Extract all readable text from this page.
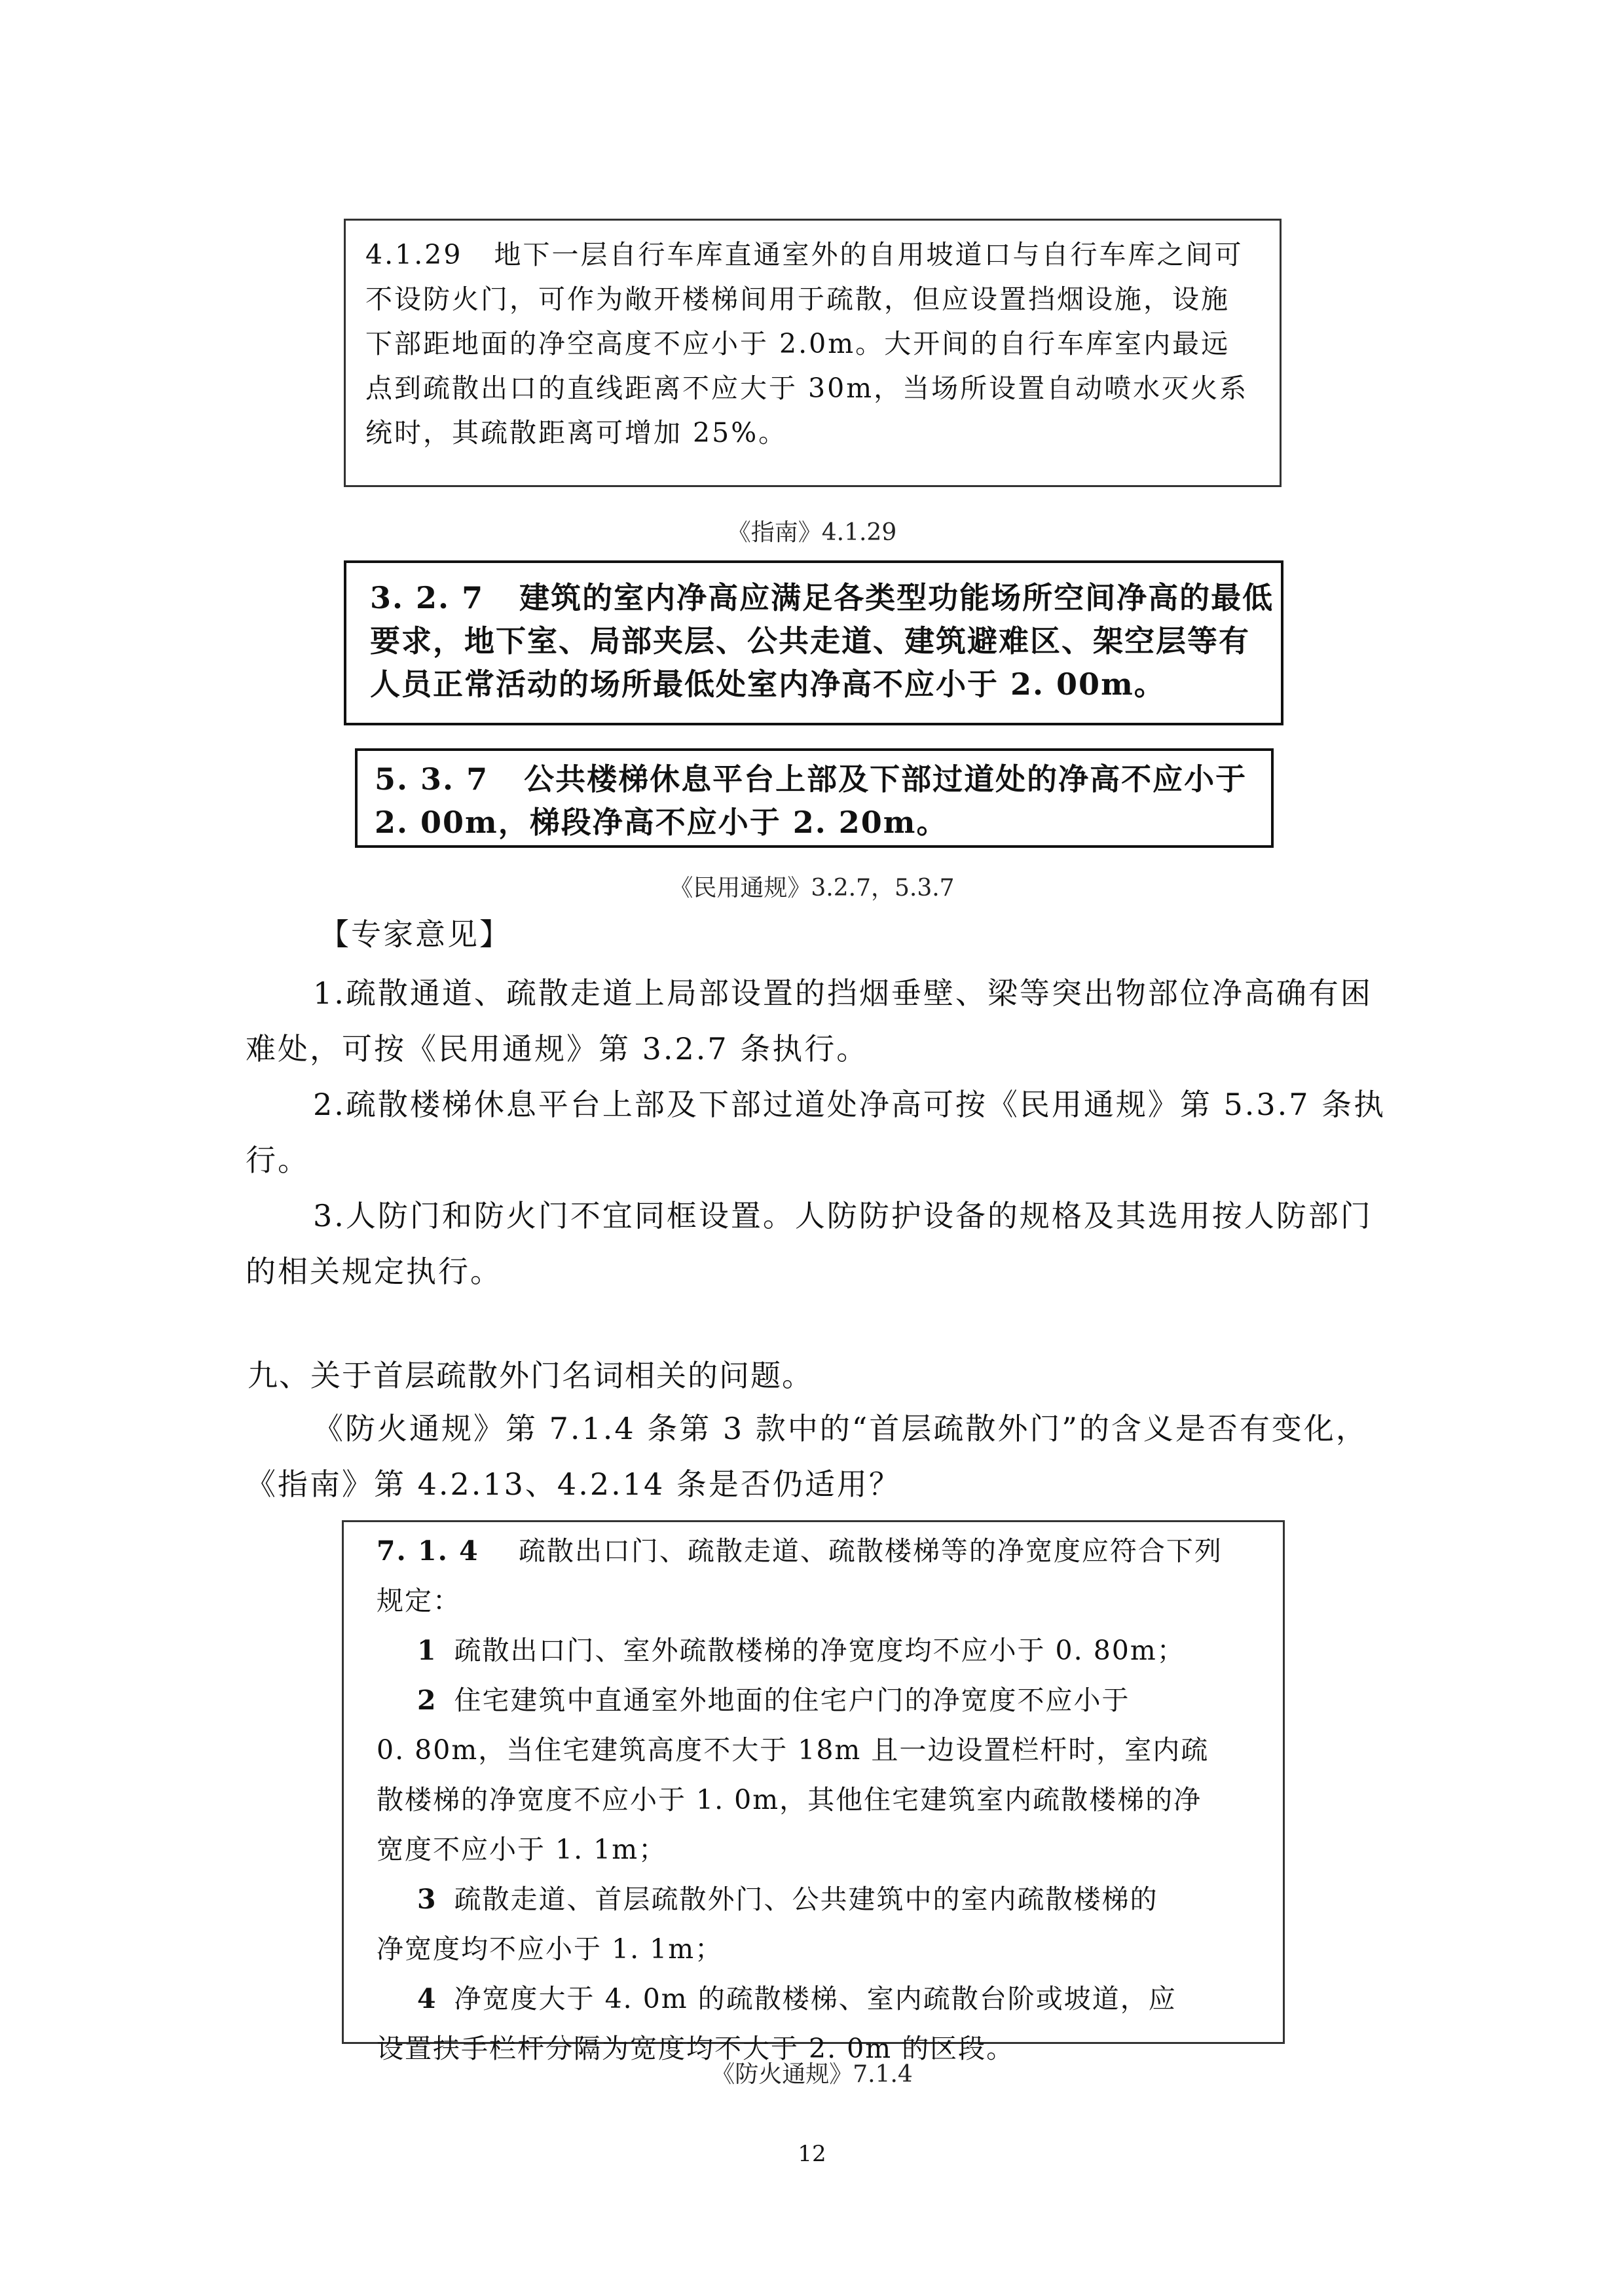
4.1.29 地下一层自行车库直通室外的自用坡道口与自行车库之间可

不设防火门，可作为敞开楼梯间用于疏散，但应设置挡烟设施，设施

下部距地面的净空高度不应小于 2.0m。大开间的自行车库室内最远

点到疏散出口的直线距离不应大于 30m，当场所设置自动喷水灭火系

统时，其疏散距离可增加 25%。

《指南》4.1.29

3. 2. 7 建筑的室内净高应满足各类型功能场所空间净高的最低

要求，地下室、局部夹层、公共走道、建筑避难区、架空层等有

人员正常活动的场所最低处室内净高不应小于 2. 00m。

5. 3. 7 公共楼梯休息平台上部及下部过道处的净高不应小于

2. 00m，梯段净高不应小于 2. 20m。

《民用通规》3.2.7，5.3.7

【专家意见】

1.疏散通道、疏散走道上局部设置的挡烟垂壁、梁等突出物部位净高确有困

难处，可按《民用通规》第 3.2.7 条执行。

2.疏散楼梯休息平台上部及下部过道处净高可按《民用通规》第 5.3.7 条执

行。

3.人防门和防火门不宜同框设置。人防防护设备的规格及其选用按人防部门

的相关规定执行。

九、关于首层疏散外门名词相关的问题。

《防火通规》第 7.1.4 条第 3 款中的“首层疏散外门”的含义是否有变化，

《指南》第 4.2.13、4.2.14 条是否仍适用？

7. 1. 4 疏散出口门、疏散走道、疏散楼梯等的净宽度应符合下列

规定：

1 疏散出口门、室外疏散楼梯的净宽度均不应小于 0. 80m；

2 住宅建筑中直通室外地面的住宅户门的净宽度不应小于

0. 80m，当住宅建筑高度不大于 18m 且一边设置栏杆时，室内疏

散楼梯的净宽度不应小于 1. 0m，其他住宅建筑室内疏散楼梯的净

宽度不应小于 1. 1m；

3 疏散走道、首层疏散外门、公共建筑中的室内疏散楼梯的

净宽度均不应小于 1. 1m；

4 净宽度大于 4. 0m 的疏散楼梯、室内疏散台阶或坡道，应

设置扶手栏杆分隔为宽度均不大于 2. 0m 的区段。

《防火通规》7.1.4
12
